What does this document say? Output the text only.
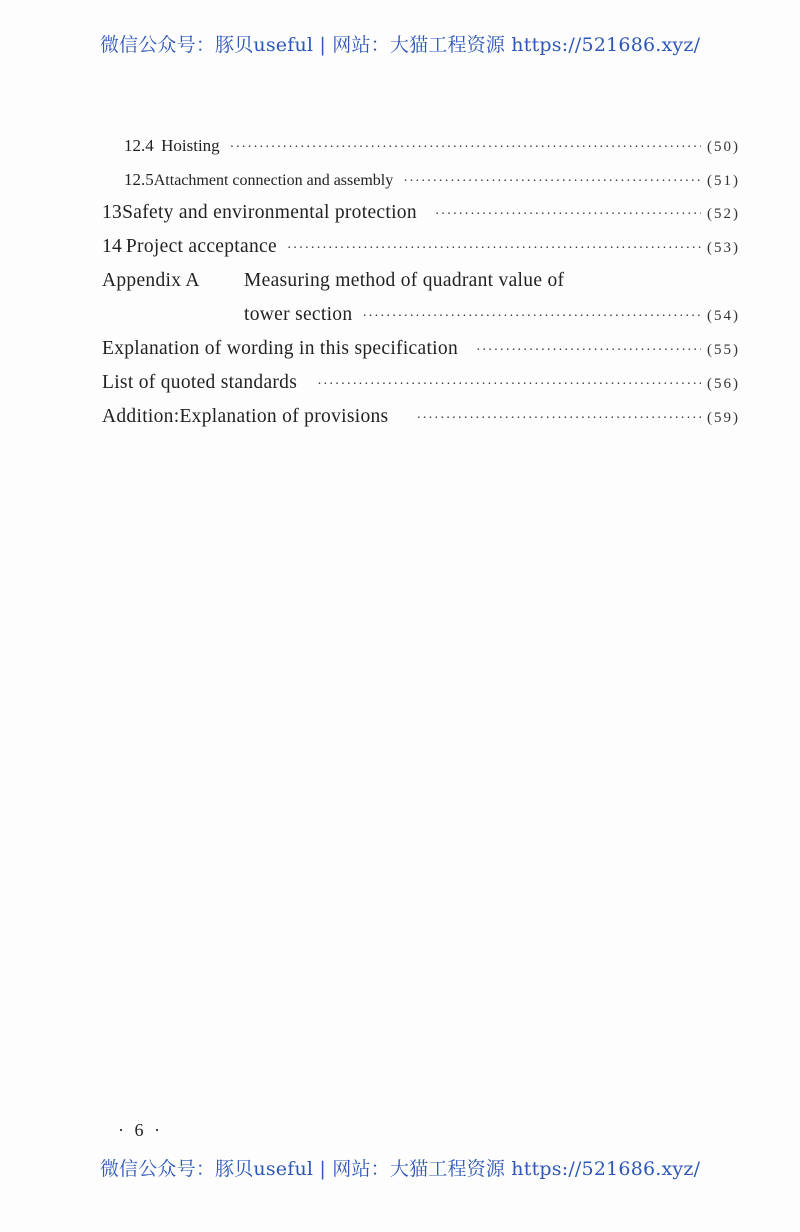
微信公众号：豚贝useful | 网站：大猫工程资源 https://521686.xyz/
12.4 Hoisting ·····	(50)
12.5 Attachment connection and assembly ·····	(51)
13 Safety and environmental protection ·····	(52)
14 Project acceptance ·····	(53)
Appendix A Measuring method of quadrant value of
tower section ·····	(54)
Explanation of wording in this specification ·····	(55)
List of quoted standards ·····	(56)
Addition:Explanation of provisions ·····	(59)
· 6 ·
微信公众号：豚贝useful | 网站：大猫工程资源 https://521686.xyz/
